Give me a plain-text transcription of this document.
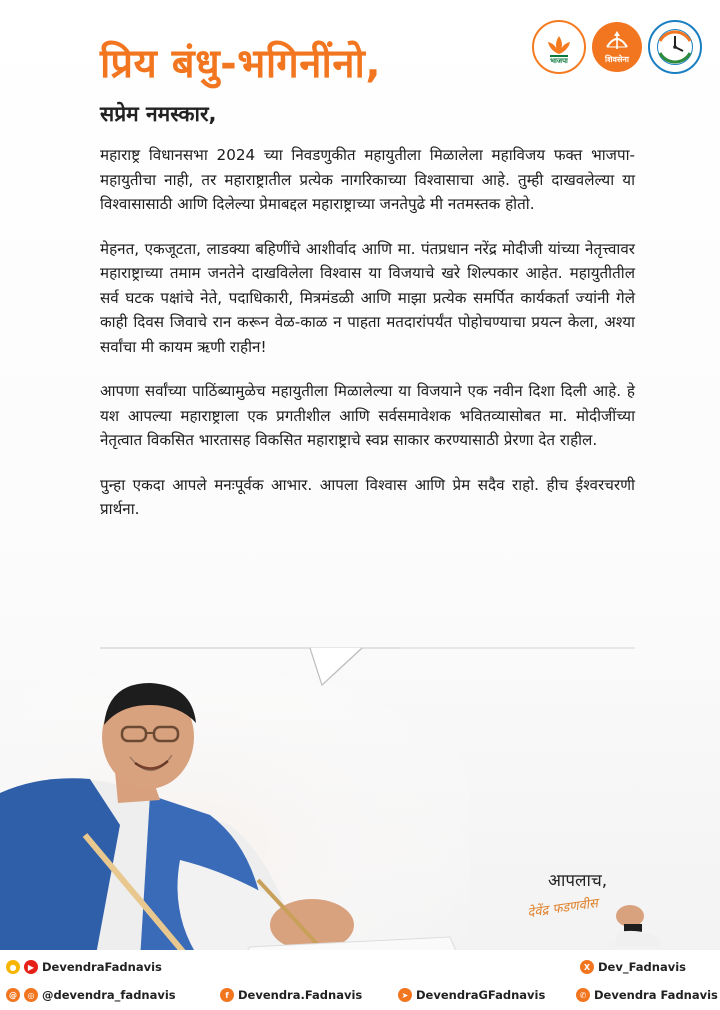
प्रिय बंधु-भगिनींनो,
सप्रेम नमस्कार,
भाजपा	शिवसेना

महाराष्ट्र विधानसभा 2024 च्या निवडणुकीत महायुतीला मिळालेला महाविजय फक्त भाजपा-महायुतीचा नाही, तर महाराष्ट्रातील प्रत्येक नागरिकाच्या विश्वासाचा आहे. तुम्ही दाखवलेल्या या विश्वासासाठी आणि दिलेल्या प्रेमाबद्दल महाराष्ट्राच्या जनतेपुढे मी नतमस्तक होतो.

मेहनत, एकजूटता, लाडक्या बहिणींचे आशीर्वाद आणि मा. पंतप्रधान नरेंद्र मोदीजी यांच्या नेतृत्त्वावर महाराष्ट्राच्या तमाम जनतेने दाखविलेला विश्वास या विजयाचे खरे शिल्पकार आहेत. महायुतीतील सर्व घटक पक्षांचे नेते, पदाधिकारी, मित्रमंडळी आणि माझा प्रत्येक समर्पित कार्यकर्ता ज्यांनी गेले काही दिवस जिवाचे रान करून वेळ-काळ न पाहता मतदारांपर्यंत पोहोचण्याचा प्रयत्न केला, अश्या सर्वांचा मी कायम ऋणी राहीन!

आपणा सर्वांच्या पाठिंब्यामुळेच महायुतीला मिळालेल्या या विजयाने एक नवीन दिशा दिली आहे. हे यश आपल्या महाराष्ट्राला एक प्रगतीशील आणि सर्वसमावेशक भवितव्यासोबत मा. मोदीजींच्या नेतृत्वात विकसित भारतासह विकसित महाराष्ट्राचे स्वप्न साकार करण्यासाठी प्रेरणा देत राहील.

पुन्हा एकदा आपले मनःपूर्वक आभार. आपला विश्वास आणि प्रेम सदैव राहो. हीच ईश्वरचरणी प्रार्थना.

आपलाच,
देवेंद्र फडणवीस
●	▶ DevendraFadnavis	X Dev_Fadnavis
@	◎ @devendra_fadnavis	f Devendra.Fadnavis	➤ DevendraGFadnavis	✆ Devendra Fadnavis
